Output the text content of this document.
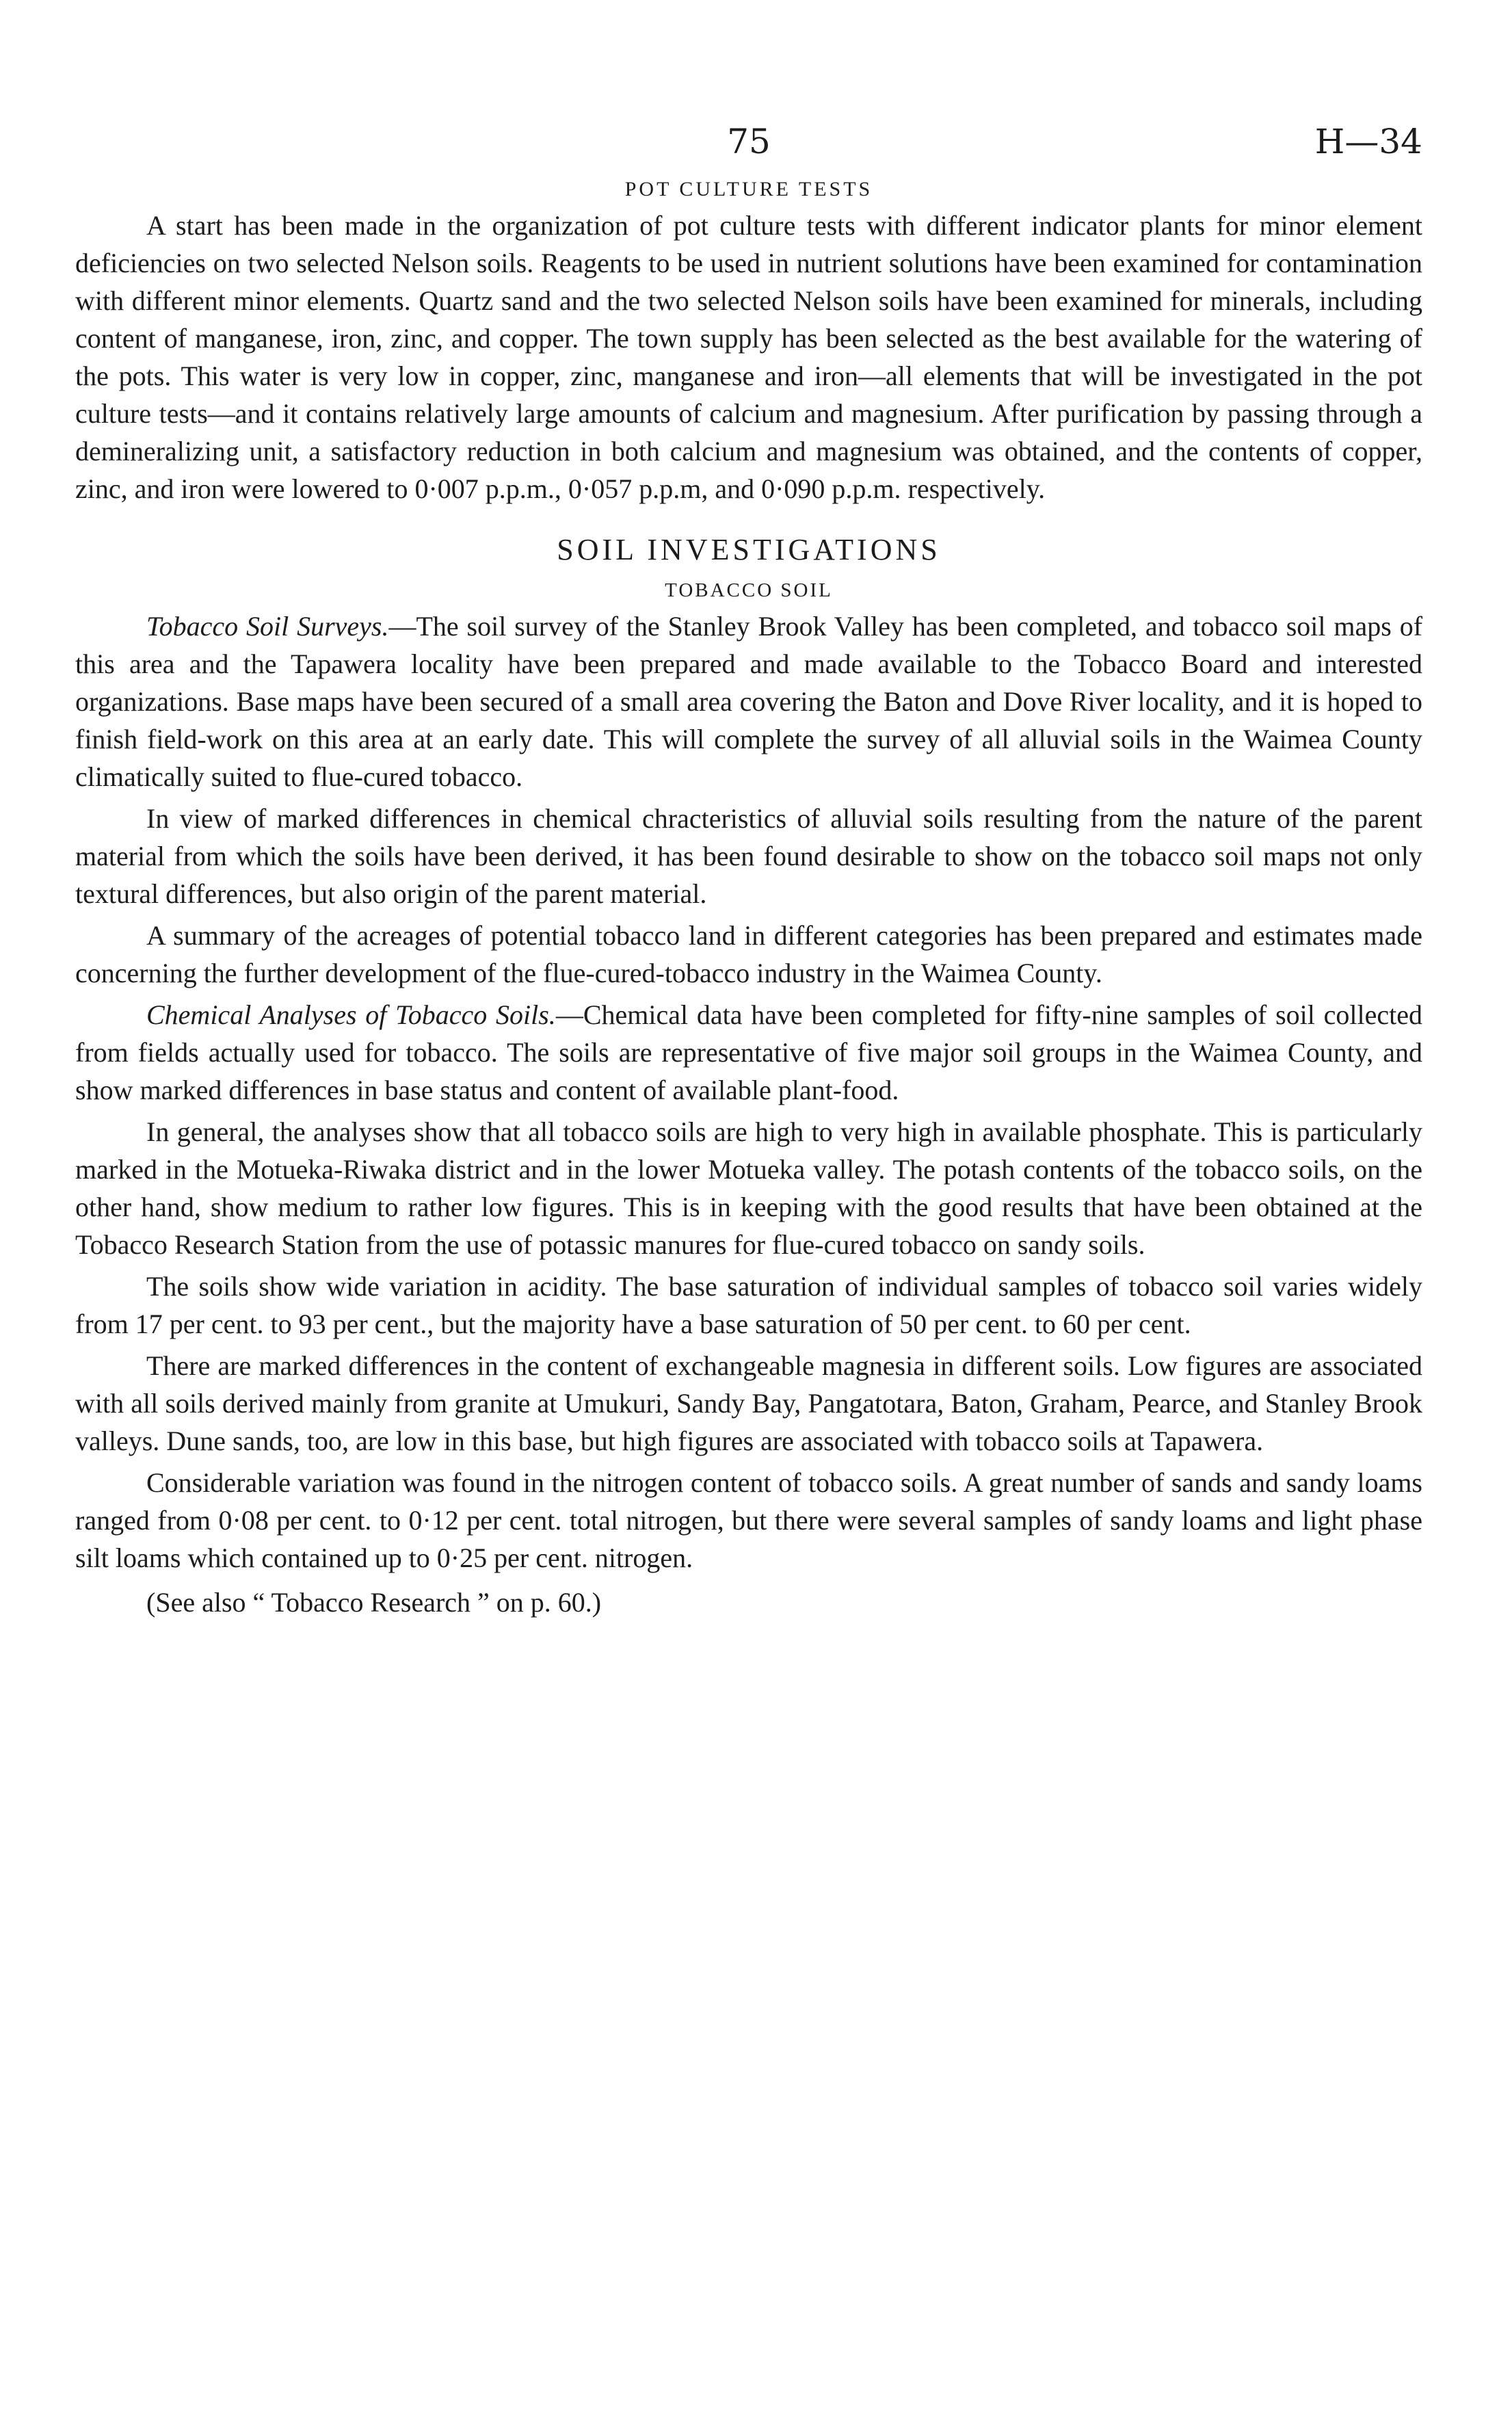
75	H—34
POT CULTURE TESTS

A start has been made in the organization of pot culture tests with different indicator plants for minor element deficiencies on two selected Nelson soils. Reagents to be used in nutrient solutions have been examined for contamination with different minor elements. Quartz sand and the two selected Nelson soils have been examined for minerals, including content of manganese, iron, zinc, and copper. The town supply has been selected as the best available for the watering of the pots. This water is very low in copper, zinc, manganese and iron—all elements that will be investigated in the pot culture tests—and it contains relatively large amounts of calcium and magnesium. After purification by passing through a demineralizing unit, a satisfactory reduction in both calcium and magnesium was obtained, and the contents of copper, zinc, and iron were lowered to 0·007 p.p.m., 0·057 p.p.m, and 0·090 p.p.m. respectively.

SOIL INVESTIGATIONS
TOBACCO SOIL

Tobacco Soil Surveys.—The soil survey of the Stanley Brook Valley has been completed, and tobacco soil maps of this area and the Tapawera locality have been prepared and made available to the Tobacco Board and interested organizations. Base maps have been secured of a small area covering the Baton and Dove River locality, and it is hoped to finish field-work on this area at an early date. This will complete the survey of all alluvial soils in the Waimea County climatically suited to flue-cured tobacco.

In view of marked differences in chemical chracteristics of alluvial soils resulting from the nature of the parent material from which the soils have been derived, it has been found desirable to show on the tobacco soil maps not only textural differences, but also origin of the parent material.

A summary of the acreages of potential tobacco land in different categories has been prepared and estimates made concerning the further development of the flue-cured-tobacco industry in the Waimea County.

Chemical Analyses of Tobacco Soils.—Chemical data have been completed for fifty-nine samples of soil collected from fields actually used for tobacco. The soils are representative of five major soil groups in the Waimea County, and show marked differences in base status and content of available plant-food.

In general, the analyses show that all tobacco soils are high to very high in available phosphate. This is particularly marked in the Motueka-Riwaka district and in the lower Motueka valley. The potash contents of the tobacco soils, on the other hand, show medium to rather low figures. This is in keeping with the good results that have been obtained at the Tobacco Research Station from the use of potassic manures for flue-cured tobacco on sandy soils.

The soils show wide variation in acidity. The base saturation of individual samples of tobacco soil varies widely from 17 per cent. to 93 per cent., but the majority have a base saturation of 50 per cent. to 60 per cent.

There are marked differences in the content of exchangeable magnesia in different soils. Low figures are associated with all soils derived mainly from granite at Umukuri, Sandy Bay, Pangatotara, Baton, Graham, Pearce, and Stanley Brook valleys. Dune sands, too, are low in this base, but high figures are associated with tobacco soils at Tapawera.

Considerable variation was found in the nitrogen content of tobacco soils. A great number of sands and sandy loams ranged from 0·08 per cent. to 0·12 per cent. total nitrogen, but there were several samples of sandy loams and light phase silt loams which contained up to 0·25 per cent. nitrogen.

(See also “ Tobacco Research ” on p. 60.)
